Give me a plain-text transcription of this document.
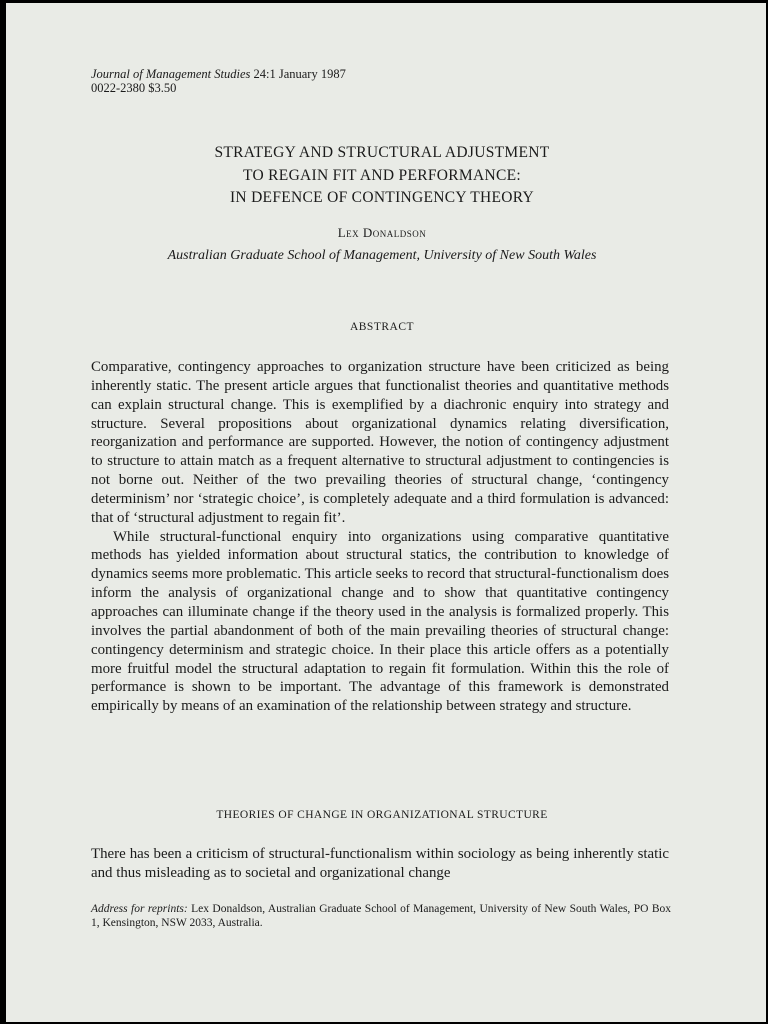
Journal of Management Studies 24:1 January 1987
0022-2380 $3.50
STRATEGY AND STRUCTURAL ADJUSTMENT
TO REGAIN FIT AND PERFORMANCE:
IN DEFENCE OF CONTINGENCY THEORY
Lex Donaldson
Australian Graduate School of Management, University of New South Wales
ABSTRACT

Comparative, contingency approaches to organization structure have been criticized as being inherently static. The present article argues that functionalist theories and quantitative methods can explain structural change. This is exemplified by a diachronic enquiry into strategy and structure. Several propositions about organizational dynamics relating diversification, reorganization and performance are supported. However, the notion of contingency adjustment to structure to attain match as a frequent alternative to structural adjustment to contingencies is not borne out. Neither of the two prevailing theories of structural change, ‘contingency determinism’ nor ‘strategic choice’, is completely adequate and a third formulation is advanced: that of ‘structural adjustment to regain fit’.

While structural-functional enquiry into organizations using comparative quantitative methods has yielded information about structural statics, the contribution to knowledge of dynamics seems more problematic. This article seeks to record that structural-functionalism does inform the analysis of organizational change and to show that quantitative contingency approaches can illuminate change if the theory used in the analysis is formalized properly. This involves the partial abandonment of both of the main prevailing theories of structural change: contingency determinism and strategic choice. In their place this article offers as a potentially more fruitful model the structural adaptation to regain fit formulation. Within this the role of performance is shown to be important. The advantage of this framework is demonstrated empirically by means of an examination of the relationship between strategy and structure.

THEORIES OF CHANGE IN ORGANIZATIONAL STRUCTURE

There has been a criticism of structural-functionalism within sociology as being inherently static and thus misleading as to societal and organizational change

Address for reprints: Lex Donaldson, Australian Graduate School of Management, University of New South Wales, PO Box 1, Kensington, NSW 2033, Australia.
